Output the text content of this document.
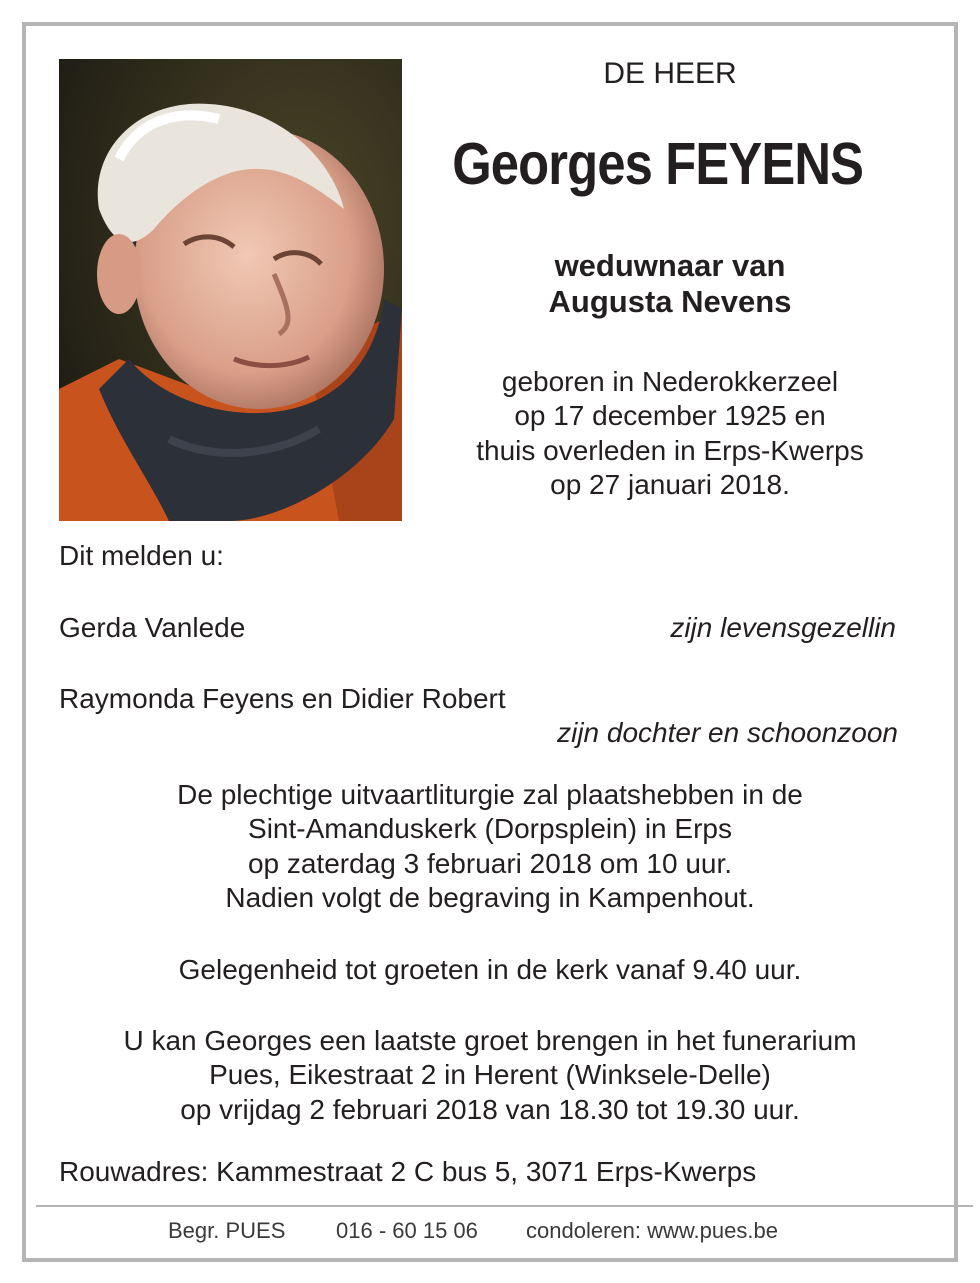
DE HEER
Georges FEYENS
weduwnaar van
Augusta Nevens
geboren in Nederokkerzeel
op 17 december 1925 en
thuis overleden in Erps-Kwerps
op 27 januari 2018.
Dit melden u:
Gerda Vanlede	zijn levensgezellin
Raymonda Feyens en Didier Robert
zijn dochter en schoonzoon
De plechtige uitvaartliturgie zal plaatshebben in de
Sint-Amanduskerk (Dorpsplein) in Erps
op zaterdag 3 februari 2018 om 10 uur.
Nadien volgt de begraving in Kampenhout.
Gelegenheid tot groeten in de kerk vanaf 9.40 uur.
U kan Georges een laatste groet brengen in het funerarium
Pues, Eikestraat 2 in Herent (Winksele-Delle)
op vrijdag 2 februari 2018 van 18.30 tot 19.30 uur.
Rouwadres: Kammestraat 2 C bus 5, 3071 Erps-Kwerps
Begr. PUES 016 - 60 15 06 condoleren: www.pues.be
